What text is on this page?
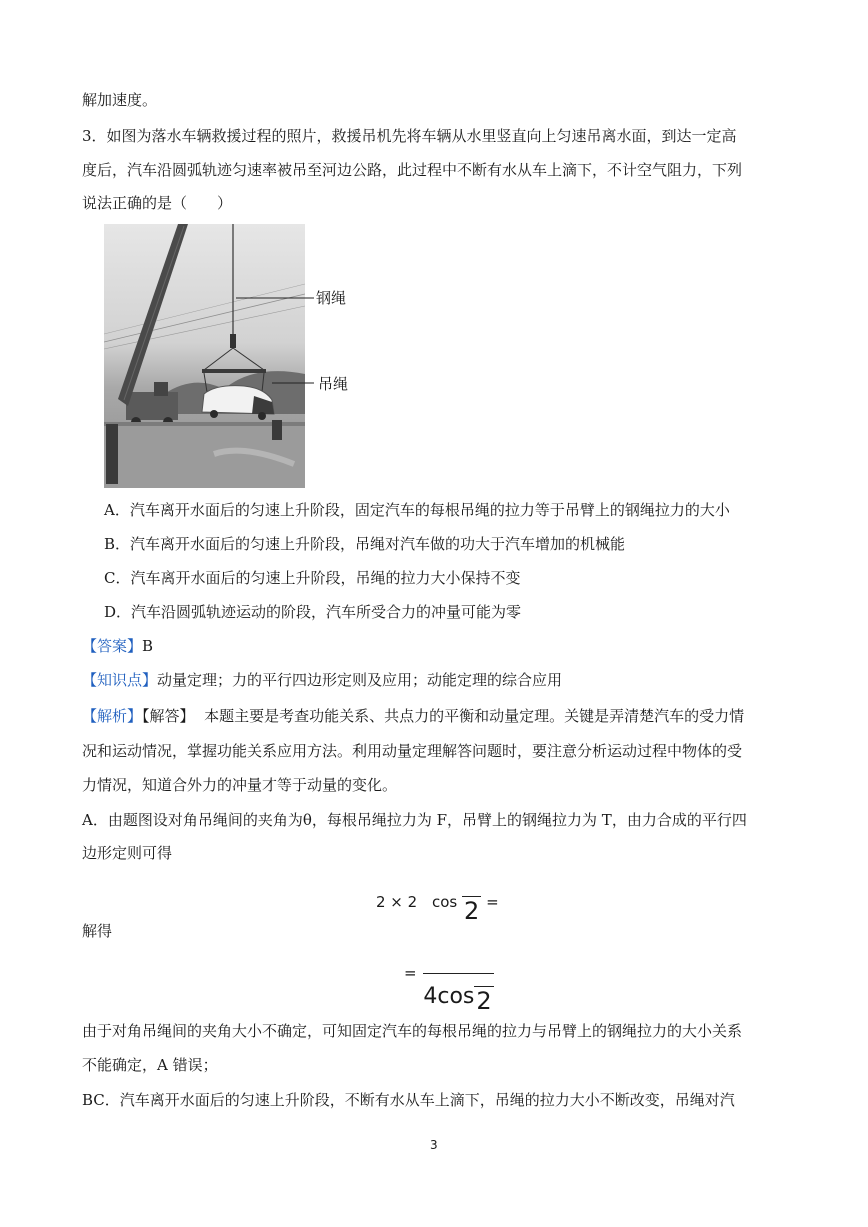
解加速度。
3．如图为落水车辆救援过程的照片，救援吊机先将车辆从水里竖直向上匀速吊离水面，到达一定高
度后，汽车沿圆弧轨迹匀速率被吊至河边公路，此过程中不断有水从车上滴下，不计空气阻力，下列
说法正确的是（　　）
钢绳
吊绳
A．汽车离开水面后的匀速上升阶段，固定汽车的每根吊绳的拉力等于吊臂上的钢绳拉力的大小
B．汽车离开水面后的匀速上升阶段，吊绳对汽车做的功大于汽车增加的机械能
C．汽车离开水面后的匀速上升阶段，吊绳的拉力大小保持不变
D．汽车沿圆弧轨迹运动的阶段，汽车所受合力的冲量可能为零
【答案】B
【知识点】动量定理；力的平行四边形定则及应用；动能定理的综合应用
【解析】【解答】 本题主要是考查功能关系、共点力的平衡和动量定理。关键是弄清楚汽车的受力情
况和运动情况，掌握功能关系应用方法。利用动量定理解答问题时，要注意分析运动过程中物体的受
力情况，知道合外力的冲量才等于动量的变化。
A．由题图设对角吊绳间的夹角为θ，每根吊绳拉力为 F，吊臂上的钢绳拉力为 T，由力合成的平行四
边形定则可得
2 × 2 cos 2 =
解得
= 4cos2
由于对角吊绳间的夹角大小不确定，可知固定汽车的每根吊绳的拉力与吊臂上的钢绳拉力的大小关系
不能确定，A 错误；
BC．汽车离开水面后的匀速上升阶段，不断有水从车上滴下，吊绳的拉力大小不断改变，吊绳对汽
3
